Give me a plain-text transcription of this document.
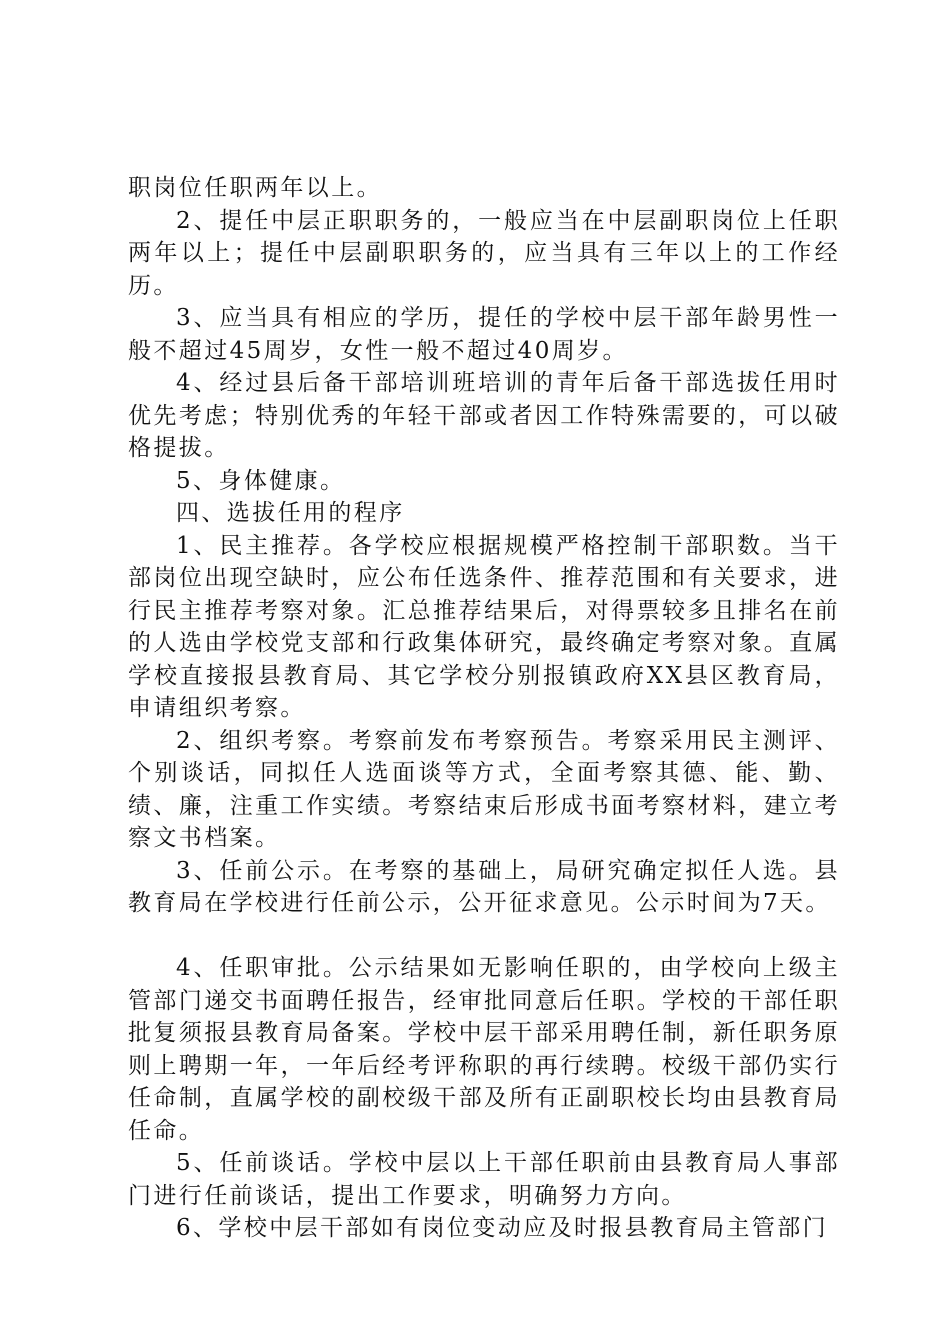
职岗位任职两年以上。

2、提任中层正职职务的，一般应当在中层副职岗位上任职两年以上；提任中层副职职务的，应当具有三年以上的工作经历。

3、应当具有相应的学历，提任的学校中层干部年龄男性一般不超过45周岁，女性一般不超过40周岁。

4、经过县后备干部培训班培训的青年后备干部选拔任用时优先考虑；特别优秀的年轻干部或者因工作特殊需要的，可以破格提拔。

5、身体健康。

四、选拔任用的程序

1、民主推荐。各学校应根据规模严格控制干部职数。当干部岗位出现空缺时，应公布任选条件、推荐范围和有关要求，进行民主推荐考察对象。汇总推荐结果后，对得票较多且排名在前的人选由学校党支部和行政集体研究，最终确定考察对象。直属学校直接报县教育局、其它学校分别报镇政府XX县区教育局，申请组织考察。

2、组织考察。考察前发布考察预告。考察采用民主测评、个别谈话，同拟任人选面谈等方式，全面考察其德、能、勤、绩、廉，注重工作实绩。考察结束后形成书面考察材料，建立考察文书档案。

3、任前公示。在考察的基础上，局研究确定拟任人选。县教育局在学校进行任前公示，公开征求意见。公示时间为7天。

4、任职审批。公示结果如无影响任职的，由学校向上级主管部门递交书面聘任报告，经审批同意后任职。学校的干部任职批复须报县教育局备案。学校中层干部采用聘任制，新任职务原则上聘期一年，一年后经考评称职的再行续聘。校级干部仍实行任命制，直属学校的副校级干部及所有正副职校长均由县教育局任命。

5、任前谈话。学校中层以上干部任职前由县教育局人事部门进行任前谈话，提出工作要求，明确努力方向。

6、学校中层干部如有岗位变动应及时报县教育局主管部门
